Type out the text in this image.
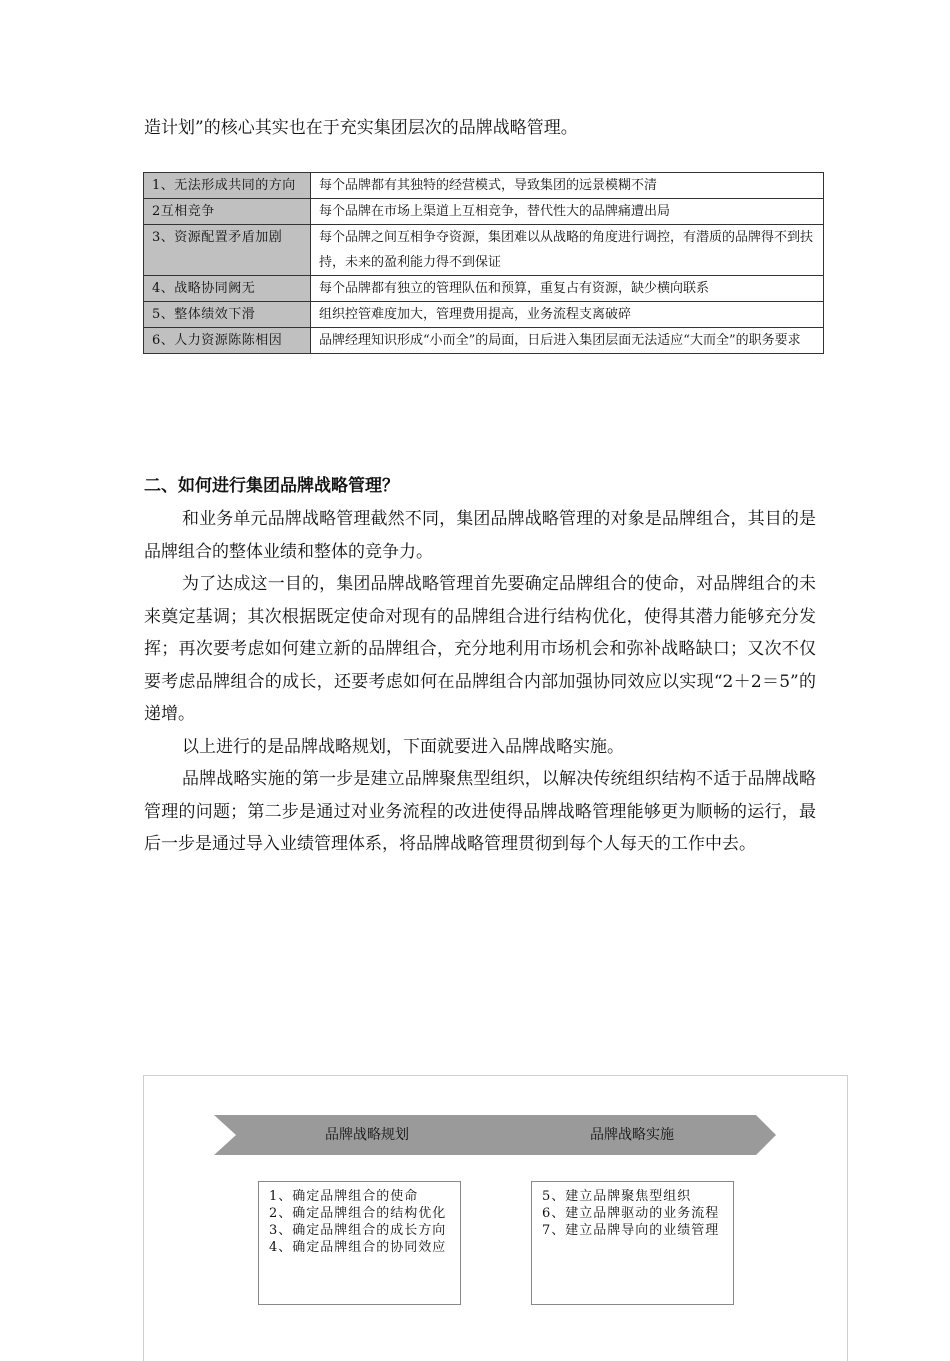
造计划”的核心其实也在于充实集团层次的品牌战略管理。

1、无法形成共同的方向	每个品牌都有其独特的经营模式，导致集团的远景模糊不清
2互相竞争	每个品牌在市场上渠道上互相竞争，替代性大的品牌痛遭出局
3、资源配置矛盾加剧	每个品牌之间互相争夺资源，集团难以从战略的角度进行调控，有潜质的品牌得不到扶持，未来的盈利能力得不到保证
4、战略协同阙无	每个品牌都有独立的管理队伍和预算，重复占有资源，缺少横向联系
5、整体绩效下滑	组织控管难度加大，管理费用提高，业务流程支离破碎
6、人力资源陈陈相因	品牌经理知识形成“小而全”的局面，日后进入集团层面无法适应“大而全”的职务要求
二、如何进行集团品牌战略管理？

和业务单元品牌战略管理截然不同，集团品牌战略管理的对象是品牌组合，其目的是品牌组合的整体业绩和整体的竞争力。

为了达成这一目的，集团品牌战略管理首先要确定品牌组合的使命，对品牌组合的未来奠定基调；其次根据既定使命对现有的品牌组合进行结构优化，使得其潜力能够充分发挥；再次要考虑如何建立新的品牌组合，充分地利用市场机会和弥补战略缺口；又次不仅要考虑品牌组合的成长，还要考虑如何在品牌组合内部加强协同效应以实现“2＋2＝5”的递增。

以上进行的是品牌战略规划，下面就要进入品牌战略实施。

品牌战略实施的第一步是建立品牌聚焦型组织，以解决传统组织结构不适于品牌战略管理的问题；第二步是通过对业务流程的改进使得品牌战略管理能够更为顺畅的运行，最后一步是通过导入业绩管理体系，将品牌战略管理贯彻到每个人每天的工作中去。

品牌战略规划	品牌战略实施
1、确定品牌组合的使命
2、确定品牌组合的结构优化
3、确定品牌组合的成长方向
4、确定品牌组合的协同效应
5、建立品牌聚焦型组织
6、建立品牌驱动的业务流程
7、建立品牌导向的业绩管理
